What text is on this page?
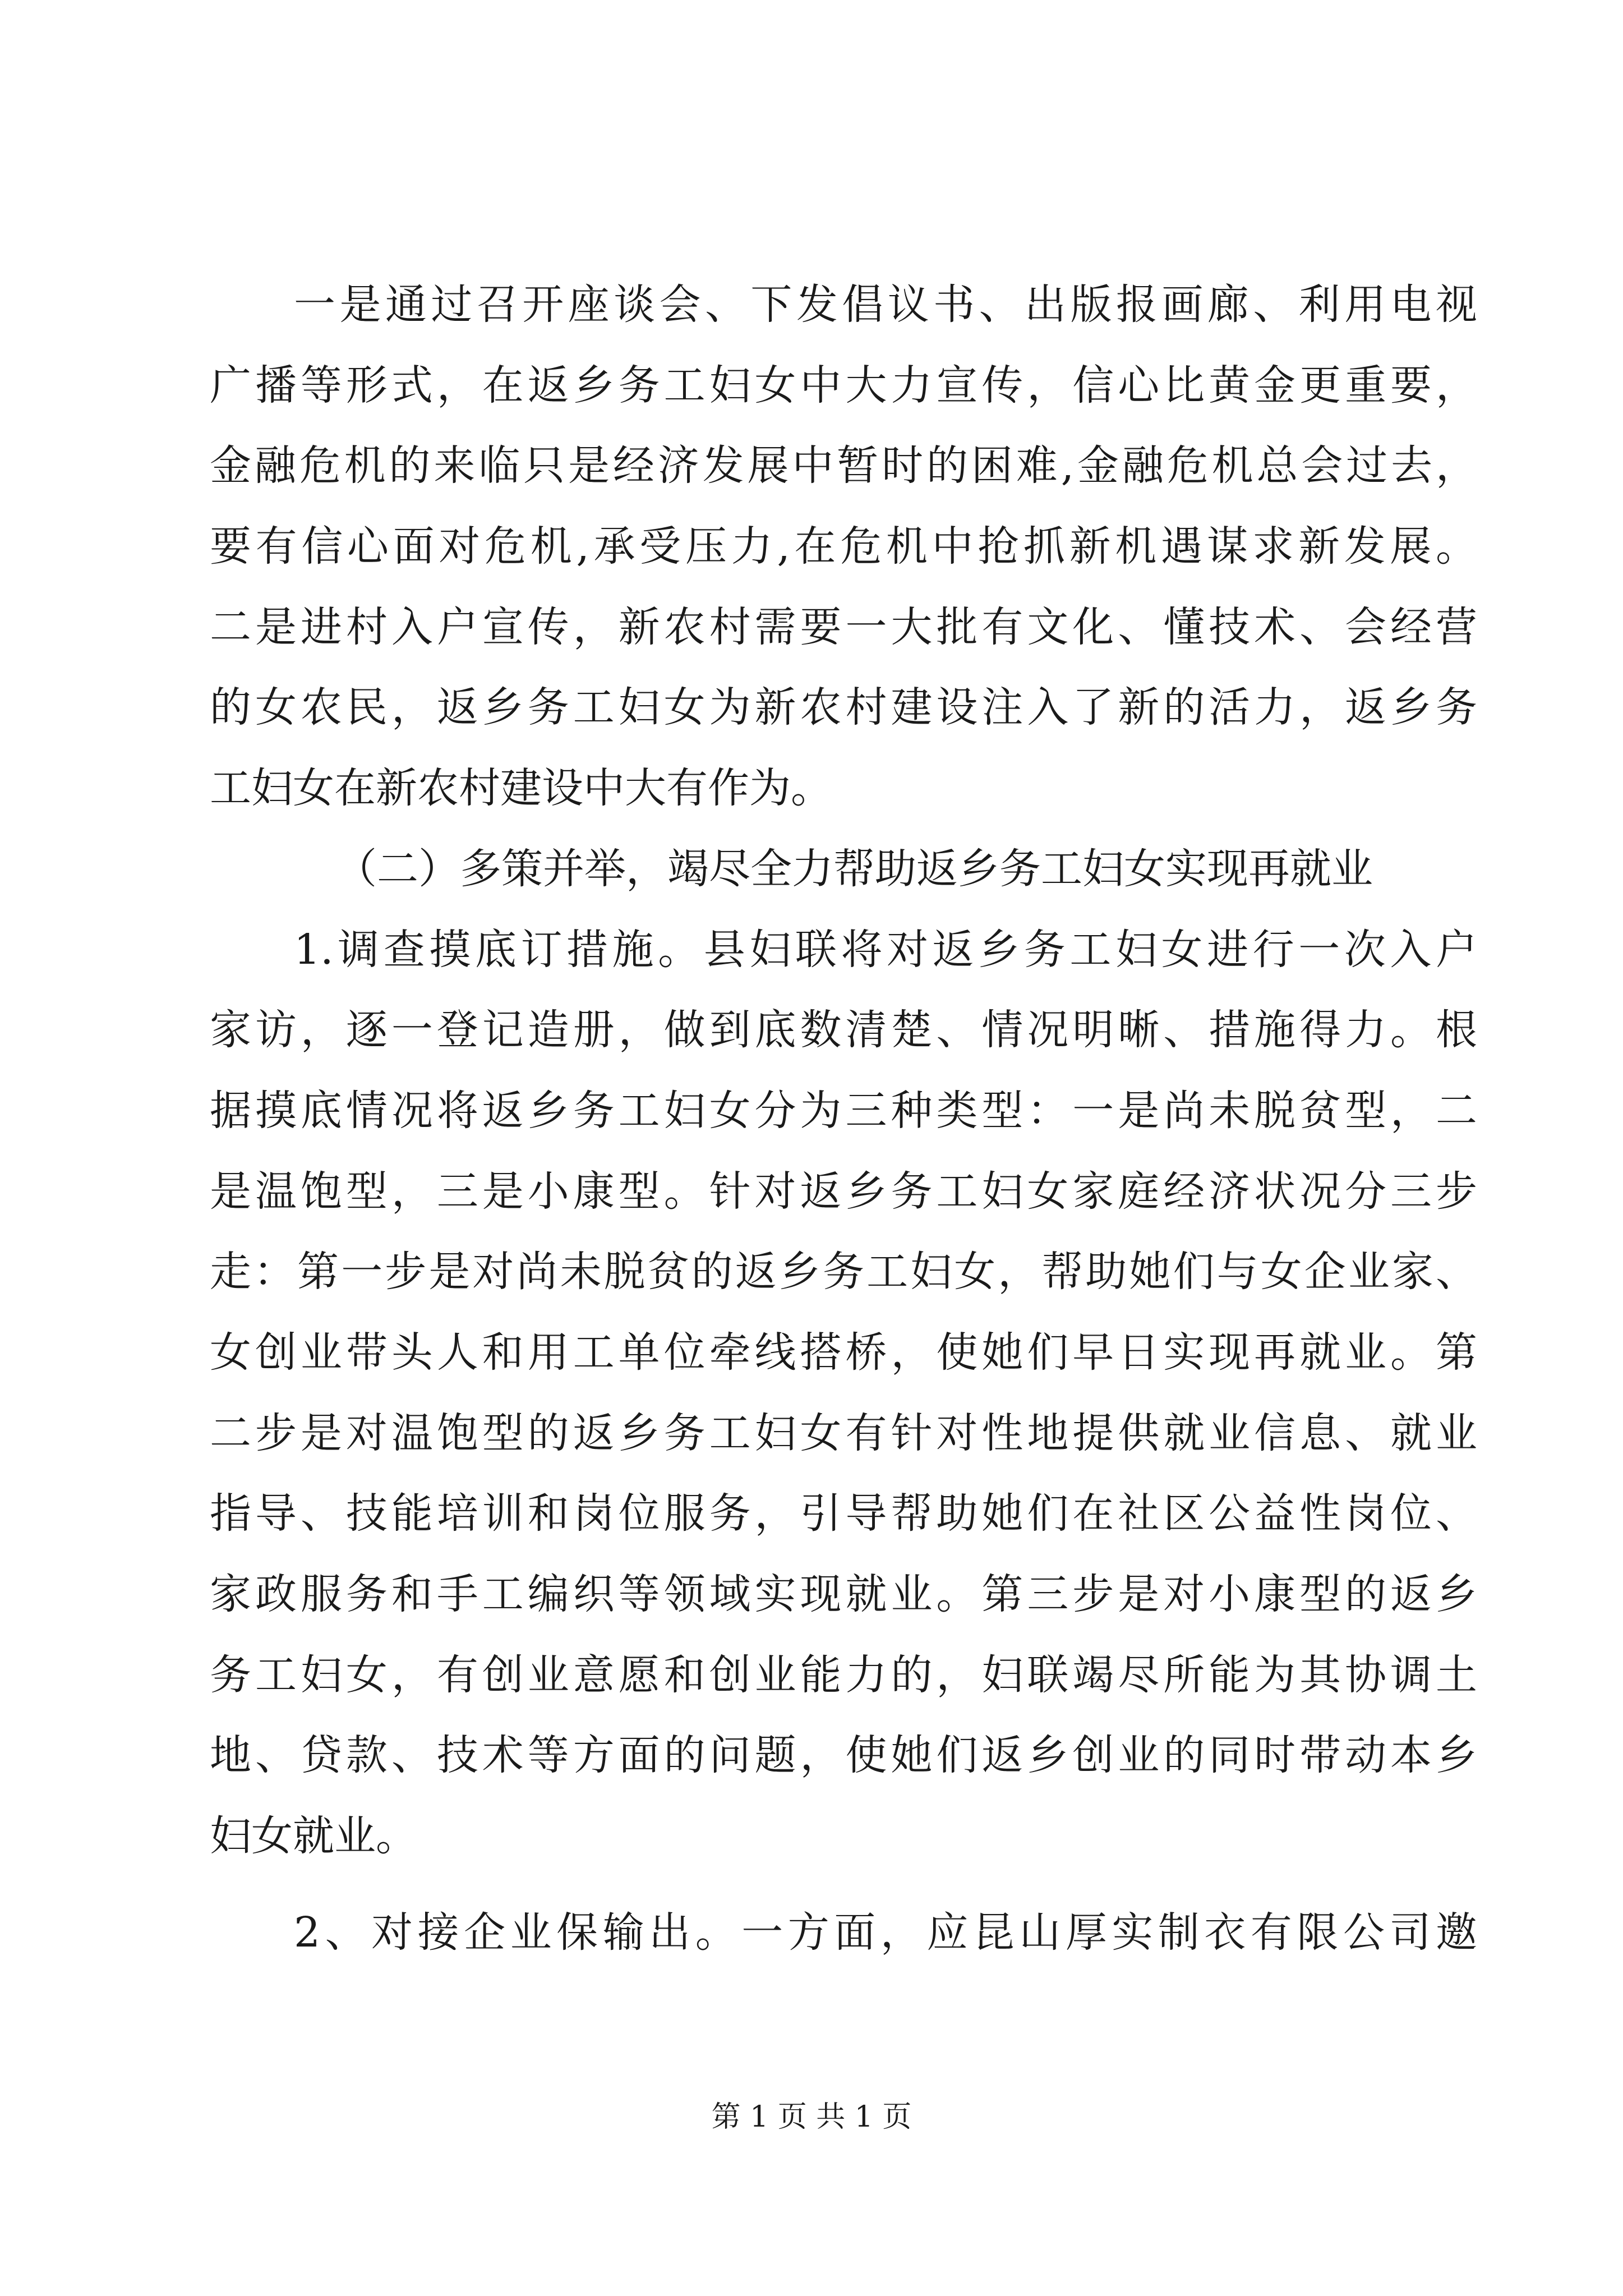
一是通过召开座谈会、下发倡议书、出版报画廊、利用电视
广播等形式，在返乡务工妇女中大力宣传，信心比黄金更重要，
金融危机的来临只是经济发展中暂时的困难,金融危机总会过去，
要有信心面对危机,承受压力,在危机中抢抓新机遇谋求新发展。
二是进村入户宣传，新农村需要一大批有文化、懂技术、会经营
的女农民，返乡务工妇女为新农村建设注入了新的活力，返乡务
工妇女在新农村建设中大有作为。
（二）多策并举，竭尽全力帮助返乡务工妇女实现再就业
1.调查摸底订措施。县妇联将对返乡务工妇女进行一次入户
家访，逐一登记造册，做到底数清楚、情况明晰、措施得力。根
据摸底情况将返乡务工妇女分为三种类型：一是尚未脱贫型，二
是温饱型，三是小康型。针对返乡务工妇女家庭经济状况分三步
走：第一步是对尚未脱贫的返乡务工妇女，帮助她们与女企业家、
女创业带头人和用工单位牵线搭桥，使她们早日实现再就业。第
二步是对温饱型的返乡务工妇女有针对性地提供就业信息、就业
指导、技能培训和岗位服务，引导帮助她们在社区公益性岗位、
家政服务和手工编织等领域实现就业。第三步是对小康型的返乡
务工妇女，有创业意愿和创业能力的，妇联竭尽所能为其协调土
地、贷款、技术等方面的问题，使她们返乡创业的同时带动本乡
妇女就业。
2、对接企业保输出。一方面，应昆山厚实制衣有限公司邀
第 1 页 共 1 页
